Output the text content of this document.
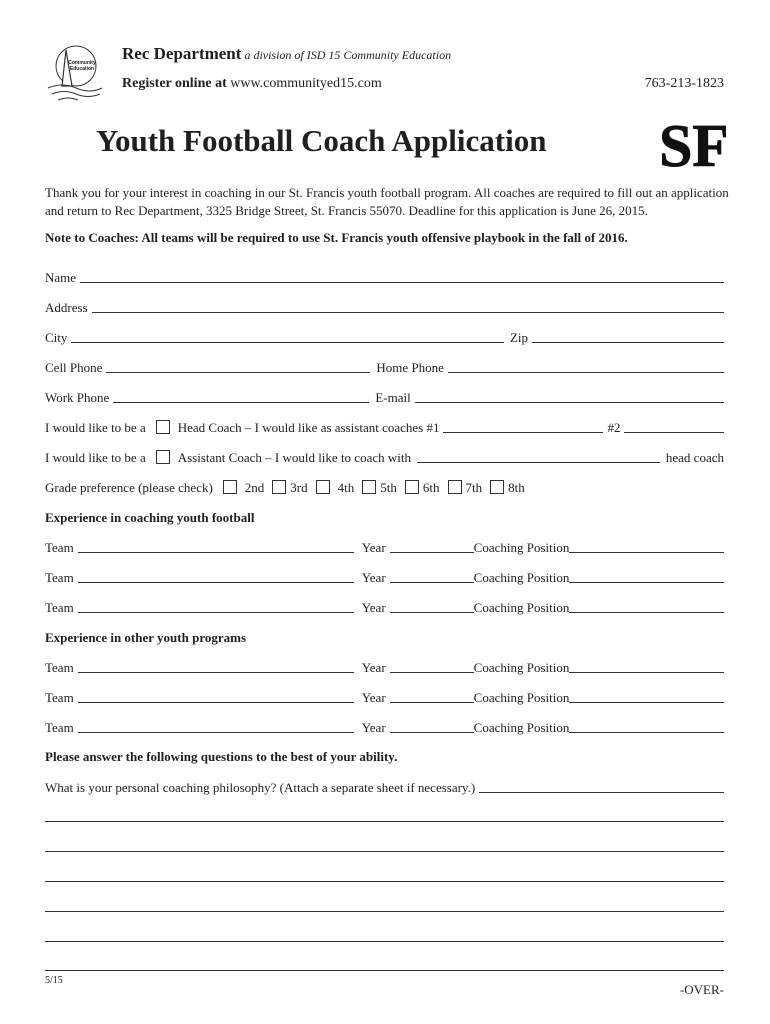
Community
Education
Rec Department a division of ISD 15 Community Education
Register online at www.communityed15.com	763-213-1823
Youth Football Coach Application SF
Thank you for your interest in coaching in our St. Francis youth football program. All coaches are required to fill out an application and return to Rec Department, 3325 Bridge Street, St. Francis 55070. Deadline for this application is June 26, 2015.
Note to Coaches: All teams will be required to use St. Francis youth offensive playbook in the fall of 2016.
Name
Address
City	Zip
Cell Phone	Home Phone
Work Phone	E-mail
I would like to be a	Head Coach – I would like as assistant coaches #1	#2
I would like to be a	Assistant Coach – I would like to coach with	head coach
Grade preference (please check)	2nd	3rd	4th	5th	6th	7th	8th
Experience in coaching youth football
Team	Year	Coaching Position
Team	Year	Coaching Position
Team	Year	Coaching Position
Experience in other youth programs
Team	Year	Coaching Position
Team	Year	Coaching Position
Team	Year	Coaching Position
Please answer the following questions to the best of your ability.
What is your personal coaching philosophy? (Attach a separate sheet if necessary.)
5/15
-OVER-
